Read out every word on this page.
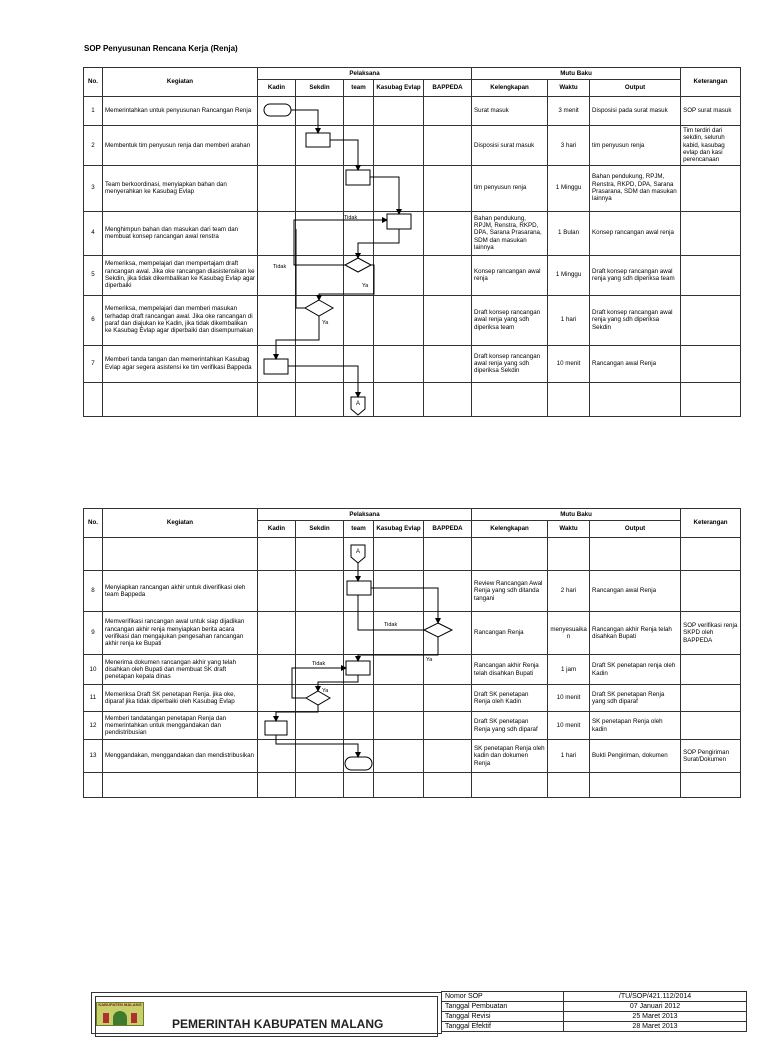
SOP Penyusunan Rencana Kerja (Renja)
No.	Kegiatan	Pelaksana					Mutu Baku			Keterangan
		Kadin	Sekdin	team	Kasubag Evlap	BAPPEDA	Kelengkapan	Waktu	Output	
1	Memerintahkan untuk penyusunan Rancangan Renja						Surat masuk	3 menit	Disposisi pada surat masuk	SOP surat masuk
2	Membentuk tim penyusun renja dan memberi arahan						Disposisi surat masuk	3 hari	tim penyusun renja	Tim terdiri dari sekdin, seluruh kabid, kasubag evlap dan kasi perencanaan
3	Team berkoordinasi, menyiapkan bahan dan menyerahkan ke Kasubag Evlap						tim penyusun renja	1 Minggu	Bahan pendukung, RPJM, Renstra, RKPD, DPA, Sarana Prasarana, SDM dan masukan lainnya	
4	Menghimpun bahan dan masukan dari team dan membuat konsep rancangan awal renstra						Bahan pendukung, RPJM, Renstra, RKPD, DPA, Sarana Prasarana, SDM dan masukan lainnya	1 Bulan	Konsep rancangan awal renja	
5	Memeriksa, mempelajari dan mempertajam draft rancangan awal. Jika oke rancangan diasistensikan ke Sekdin, jika tidak dikembalikan ke Kasubag Evlap agar diperbaiki						Konsep rancangan awal renja	1 Minggu	Draft konsep rancangan awal renja yang sdh diperiksa team	
6	Memeriksa, mempelajari dan memberi masukan terhadap draft rancangan awal. Jika oke rancangan di paraf dan diajukan ke Kadin, jika tidak dikembalikan ke Kasubag Evlap agar diperbaiki dan disempurnakan						Draft konsep rancangan awal renja yang sdh diperiksa team	1 hari	Draft konsep rancangan awal renja yang sdh diperiksa Sekdin	
7	Memberi tanda tangan dan memerintahkan Kasubag Evlap agar segera asistensi ke tim verifikasi Bappeda						Draft konsep rancangan awal renja yang sdh diperiksa Sekdin	10 menit	Rancangan awal Renja	

No.	Kegiatan	Pelaksana					Mutu Baku			Keterangan
		Kadin	Sekdin	team	Kasubag Evlap	BAPPEDA	Kelengkapan	Waktu	Output	

8	Menyiapkan rancangan akhir untuk diverifikasi oleh team Bappeda						Review Rancangan Awal Renja yang sdh ditanda tangani	2 hari	Rancangan awal Renja	
9	Memverifikasi rancangan awal untuk siap dijadikan rancangan akhir renja menyiapkan berita acara verifikasi dan mengajukan pengesahan rancangan akhir renja ke Bupati						Rancangan Renja	menyesuaikan	Rancangan akhir Renja telah disahkan Bupati	SOP verifikasi renja SKPD oleh BAPPEDA
10	Menerima dokumen rancangan akhir yang telah disahkan oleh Bupati dan membuat SK draft penetapan kepala dinas						Rancangan akhir Renja telah disahkan Bupati	1 jam	Draft SK penetapan renja oleh Kadin	
11	Memeriksa Draft SK penetapan Renja. jika oke, diparaf jika tidak diperbaiki oleh Kasubag Evlap						Draft SK penetapan Renja oleh Kadin	10 menit	Draft SK penetapan Renja yang sdh diparaf	
12	Memberi tandatangan penetapan Renja dan memerintahkan untuk menggandakan dan pendistribusian						Draft SK penetapan Renja yang sdh diparaf	10 menit	SK penetapan Renja oleh kadin	
13	Menggandakan, menggandakan dan mendistribusikan						SK penetapan Renja oleh kadin dan dokumen Renja	1 hari	Bukti Pengiriman, dokumen	SOP Pengiriman Surat/Dokumen

Tidak
Tidak
Ya
Ya
Tidak
Ya
Tidak
Ya
A
A
KABUPATEN MALANG
PEMERINTAH KABUPATEN MALANG
Nomor SOP	/TU/SOP/421.112/2014
Tanggal Pembuatan	07 Januari 2012
Tanggal Revisi	25 Maret 2013
Tanggal Efektif	28 Maret 2013
